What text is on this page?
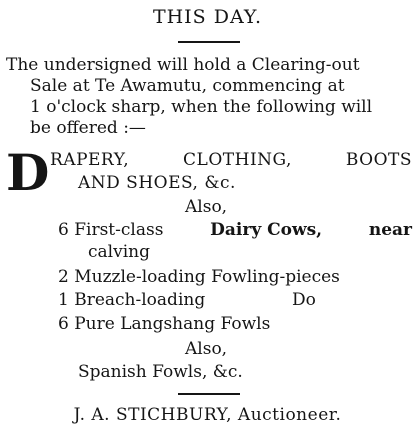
THIS DAY.
The undersigned will hold a Clearing-out
Sale at Te Awamutu, commencing at
1 o'clock sharp, when the following will
be offered :—
D RAPERY,	CLOTHING,	BOOTS
AND SHOES, &c.
Also,
6 First-class	Dairy Cows,	near
calving
2 Muzzle-loading Fowling-pieces
1 Breach-loading	Do
6 Pure Langshang Fowls
Also,
Spanish Fowls, &c.
J. A. STICHBURY, Auctioneer.
